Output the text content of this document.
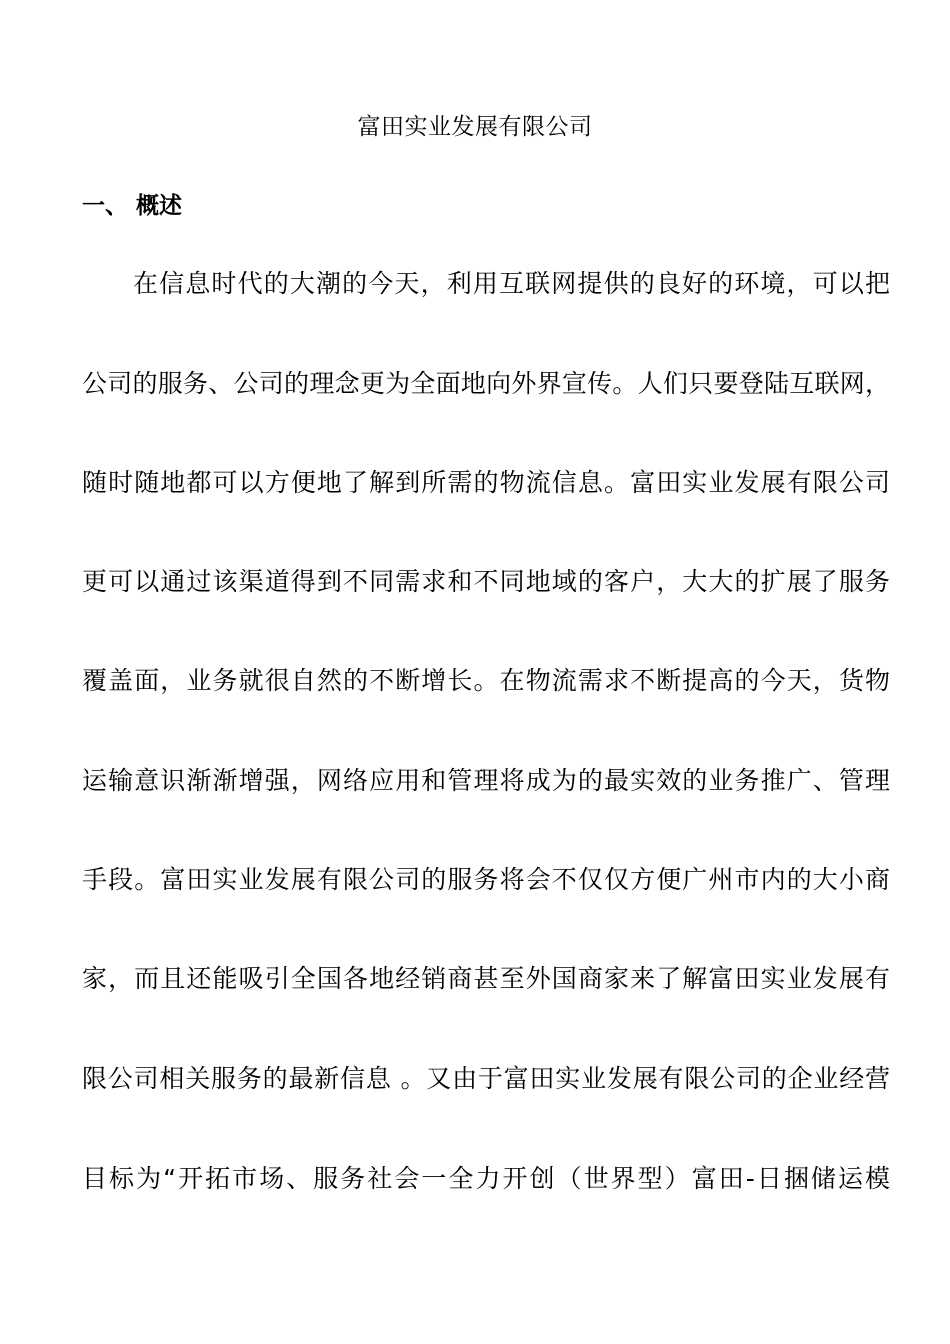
富田实业发展有限公司
一、 概述
在信息时代的大潮的今天，利用互联网提供的良好的环境，可以把
公司的服务、公司的理念更为全面地向外界宣传。人们只要登陆互联网，
随时随地都可以方便地了解到所需的物流信息。富田实业发展有限公司
更可以通过该渠道得到不同需求和不同地域的客户，大大的扩展了服务
覆盖面，业务就很自然的不断增长。在物流需求不断提高的今天，货物
运输意识渐渐增强，网络应用和管理将成为的最实效的业务推广、管理
手段。富田实业发展有限公司的服务将会不仅仅方便广州市内的大小商
家，而且还能吸引全国各地经销商甚至外国商家来了解富田实业发展有
限公司相关服务的最新信息 。又由于富田实业发展有限公司的企业经营
目标为“开拓市场、服务社会一全力开创（世界型）富田-日捆储运模
